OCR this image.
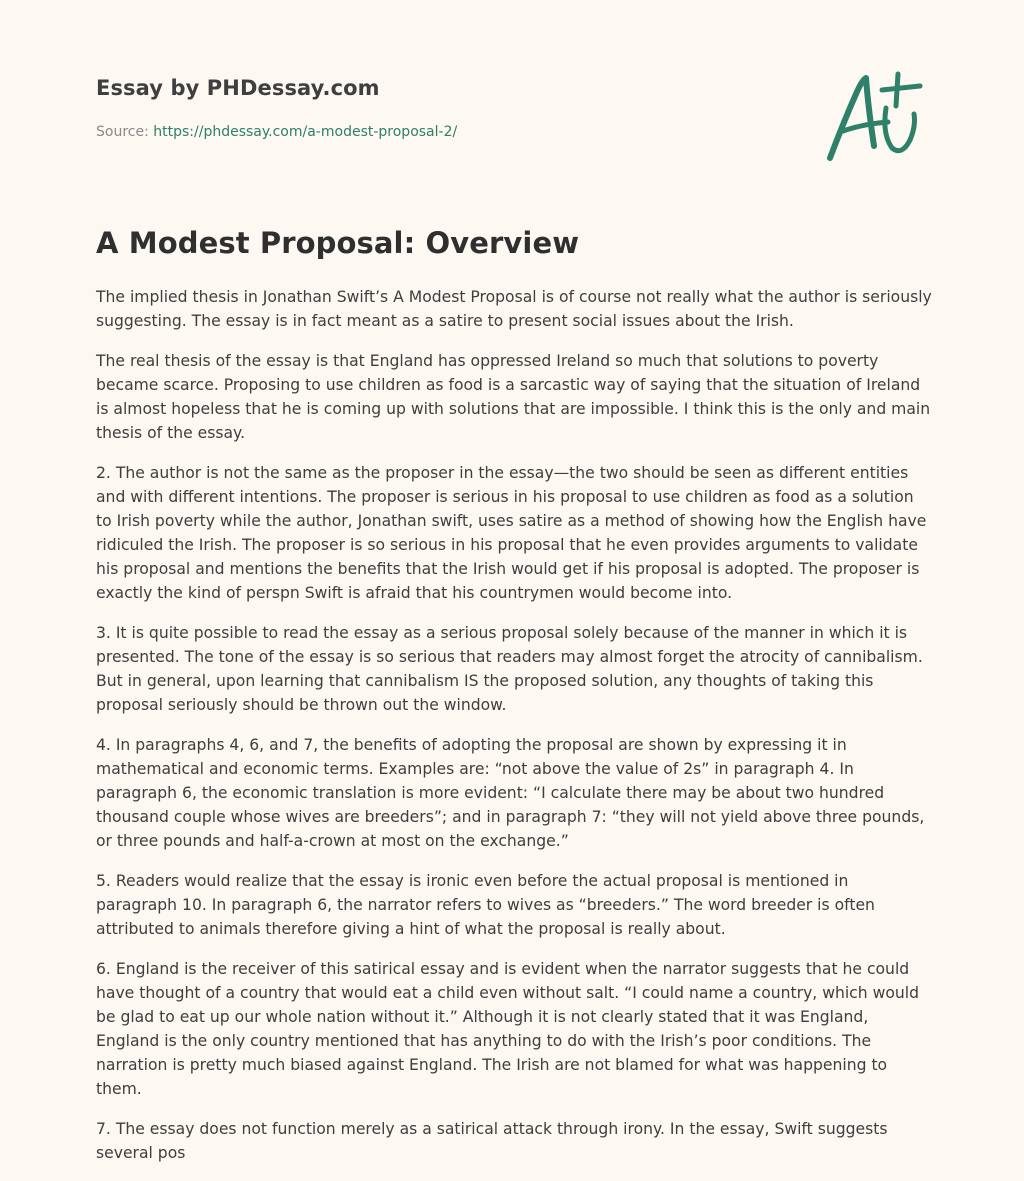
Essay by PHDessay.com
Source: https://phdessay.com/a-modest-proposal-2/
A Modest Proposal: Overview

The implied thesis in Jonathan Swift’s A Modest Proposal is of course not really what the author is seriously suggesting. The essay is in fact meant as a satire to present social issues about the Irish.

The real thesis of the essay is that England has oppressed Ireland so much that solutions to poverty became scarce. Proposing to use children as food is a sarcastic way of saying that the situation of Ireland is almost hopeless that he is coming up with solutions that are impossible. I think this is the only and main thesis of the essay.

2. The author is not the same as the proposer in the essay—the two should be seen as different entities and with different intentions. The proposer is serious in his proposal to use children as food as a solution to Irish poverty while the author, Jonathan swift, uses satire as a method of showing how the English have ridiculed the Irish. The proposer is so serious in his proposal that he even provides arguments to validate his proposal and mentions the benefits that the Irish would get if his proposal is adopted. The proposer is exactly the kind of perspn Swift is afraid that his countrymen would become into.

3. It is quite possible to read the essay as a serious proposal solely because of the manner in which it is presented. The tone of the essay is so serious that readers may almost forget the atrocity of cannibalism. But in general, upon learning that cannibalism IS the proposed solution, any thoughts of taking this proposal seriously should be thrown out the window.

4. In paragraphs 4, 6, and 7, the benefits of adopting the proposal are shown by expressing it in mathematical and economic terms. Examples are: “not above the value of 2s” in paragraph 4. In paragraph 6, the economic translation is more evident: “I calculate there may be about two hundred thousand couple whose wives are breeders”; and in paragraph 7: “they will not yield above three pounds, or three pounds and half-a-crown at most on the exchange.”

5. Readers would realize that the essay is ironic even before the actual proposal is mentioned in paragraph 10. In paragraph 6, the narrator refers to wives as “breeders.” The word breeder is often attributed to animals therefore giving a hint of what the proposal is really about.

6. England is the receiver of this satirical essay and is evident when the narrator suggests that he could have thought of a country that would eat a child even without salt. “I could name a country, which would be glad to eat up our whole nation without it.” Although it is not clearly stated that it was England, England is the only country mentioned that has anything to do with the Irish’s poor conditions. The narration is pretty much biased against England. The Irish are not blamed for what was happening to them.

7. The essay does not function merely as a satirical attack through irony. In the essay, Swift suggests several pos
